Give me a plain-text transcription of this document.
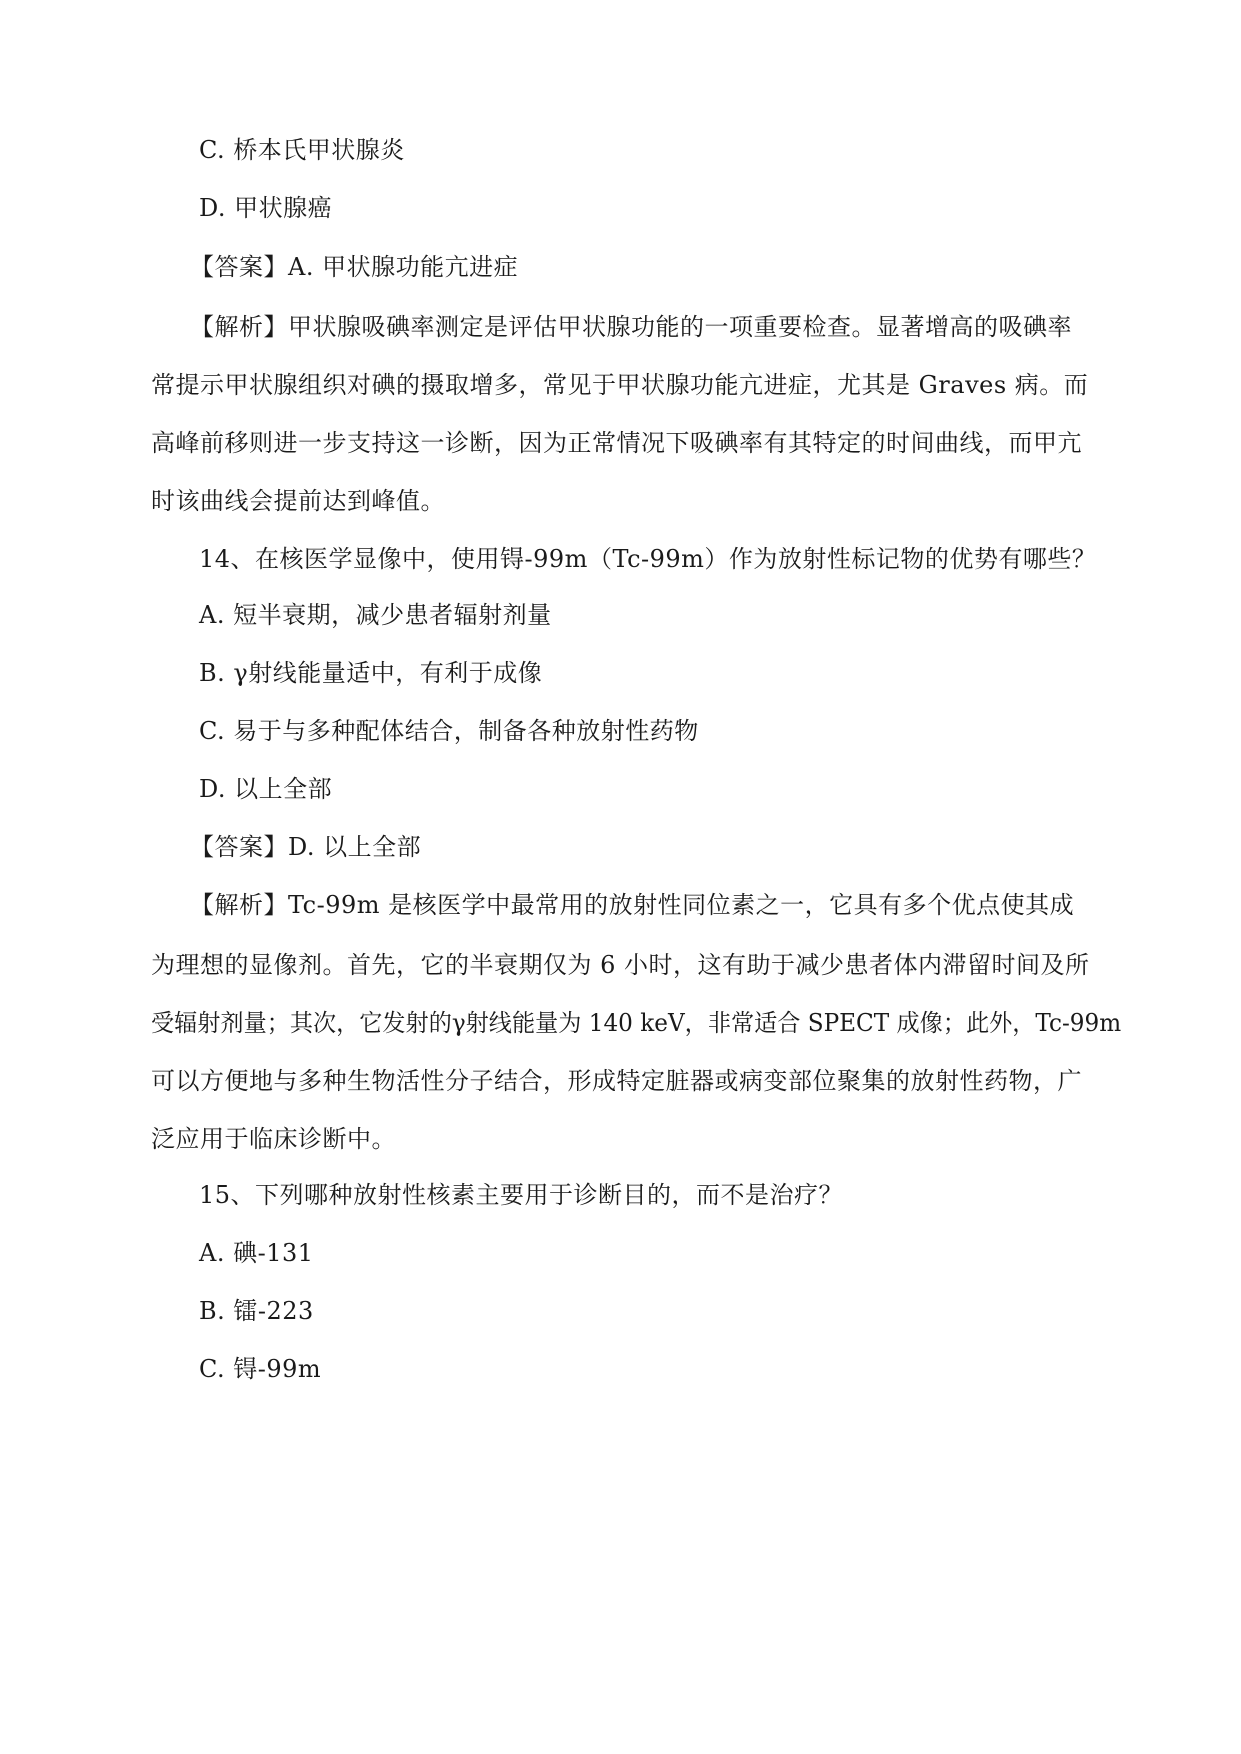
C. 桥本氏甲状腺炎
D. 甲状腺癌
【答案】A. 甲状腺功能亢进症
【解析】甲状腺吸碘率测定是评估甲状腺功能的一项重要检查。显著增高的吸碘率
常提示甲状腺组织对碘的摄取增多，常见于甲状腺功能亢进症，尤其是 Graves 病。而
高峰前移则进一步支持这一诊断，因为正常情况下吸碘率有其特定的时间曲线，而甲亢
时该曲线会提前达到峰值。
14、在核医学显像中，使用锝-99m（Tc-99m）作为放射性标记物的优势有哪些？
A. 短半衰期，减少患者辐射剂量
B. γ射线能量适中，有利于成像
C. 易于与多种配体结合，制备各种放射性药物
D. 以上全部
【答案】D. 以上全部
【解析】Tc-99m 是核医学中最常用的放射性同位素之一，它具有多个优点使其成
为理想的显像剂。首先，它的半衰期仅为 6 小时，这有助于减少患者体内滞留时间及所
受辐射剂量；其次，它发射的γ射线能量为 140 keV，非常适合 SPECT 成像；此外，Tc-99m
可以方便地与多种生物活性分子结合，形成特定脏器或病变部位聚集的放射性药物，广
泛应用于临床诊断中。
15、下列哪种放射性核素主要用于诊断目的，而不是治疗？
A. 碘-131
B. 镭-223
C. 锝-99m
